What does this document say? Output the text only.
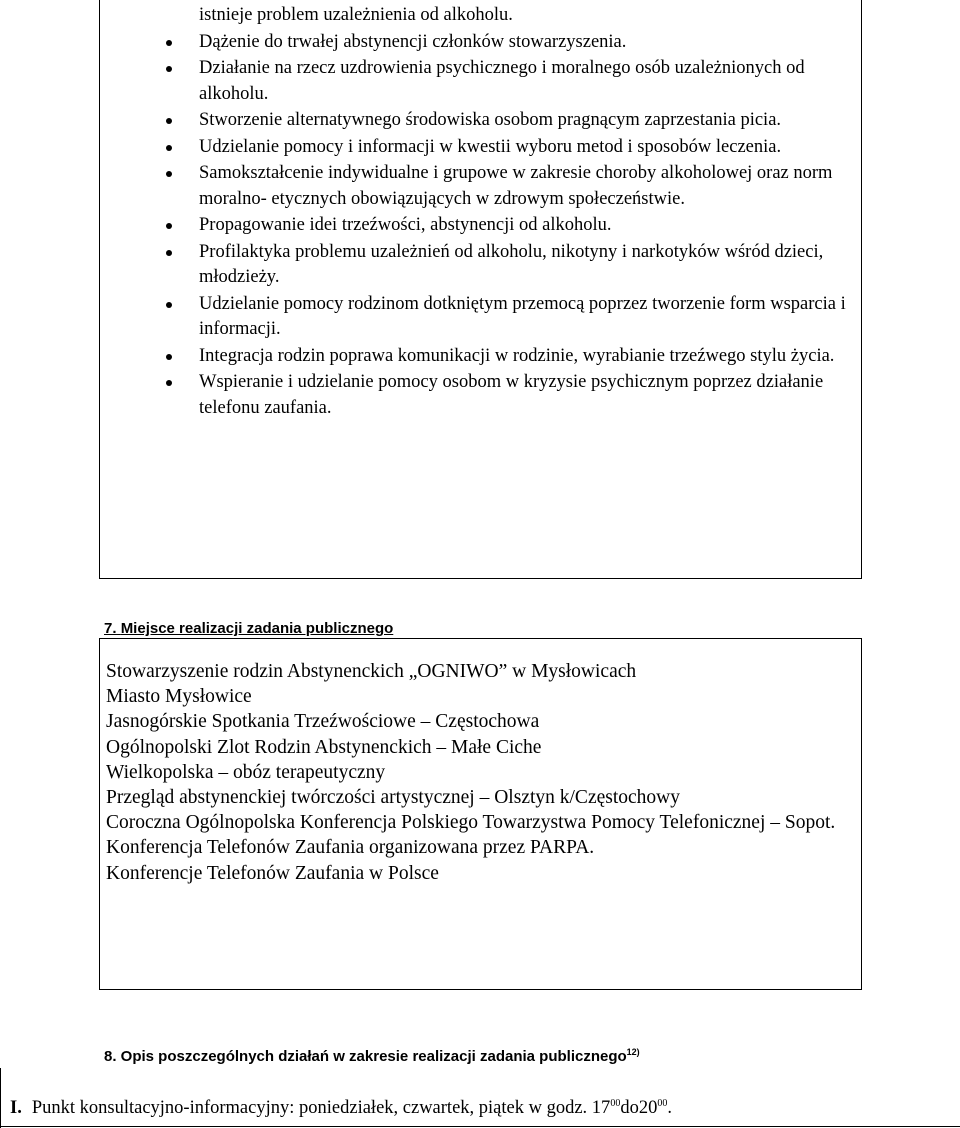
istnieje problem uzależnienia od alkoholu.
Dążenie do trwałej abstynencji członków stowarzyszenia.
Działanie na rzecz uzdrowienia psychicznego i moralnego osób uzależnionych od alkoholu.
Stworzenie alternatywnego środowiska osobom pragnącym zaprzestania picia.
Udzielanie pomocy i informacji w kwestii wyboru metod i sposobów leczenia.
Samokształcenie indywidualne i grupowe w zakresie choroby alkoholowej oraz norm moralno- etycznych obowiązujących w zdrowym społeczeństwie.
Propagowanie idei trzeźwości, abstynencji od alkoholu.
Profilaktyka problemu uzależnień od alkoholu, nikotyny i narkotyków wśród dzieci, młodzieży.
Udzielanie pomocy rodzinom dotkniętym przemocą poprzez tworzenie form wsparcia i informacji.
Integracja rodzin poprawa komunikacji w rodzinie, wyrabianie trzeźwego stylu życia.
Wspieranie i udzielanie pomocy osobom w kryzysie psychicznym poprzez działanie telefonu zaufania.
7. Miejsce realizacji zadania publicznego
Stowarzyszenie rodzin Abstynenckich „OGNIWO” w Mysłowicach
Miasto Mysłowice
Jasnogórskie Spotkania Trzeźwościowe – Częstochowa
Ogólnopolski Zlot Rodzin Abstynenckich – Małe Ciche
Wielkopolska – obóz terapeutyczny
Przegląd abstynenckiej twórczości artystycznej – Olsztyn k/Częstochowy
Coroczna Ogólnopolska Konferencja Polskiego Towarzystwa Pomocy Telefonicznej – Sopot.
Konferencja Telefonów Zaufania organizowana przez PARPA.
Konferencje Telefonów Zaufania w Polsce
8. Opis poszczególnych działań w zakresie realizacji zadania publicznego$^{12)}$
I. Punkt konsultacyjno-informacyjny: poniedziałek, czwartek, piątek w godz. $17^{00}do20^{00}$.
